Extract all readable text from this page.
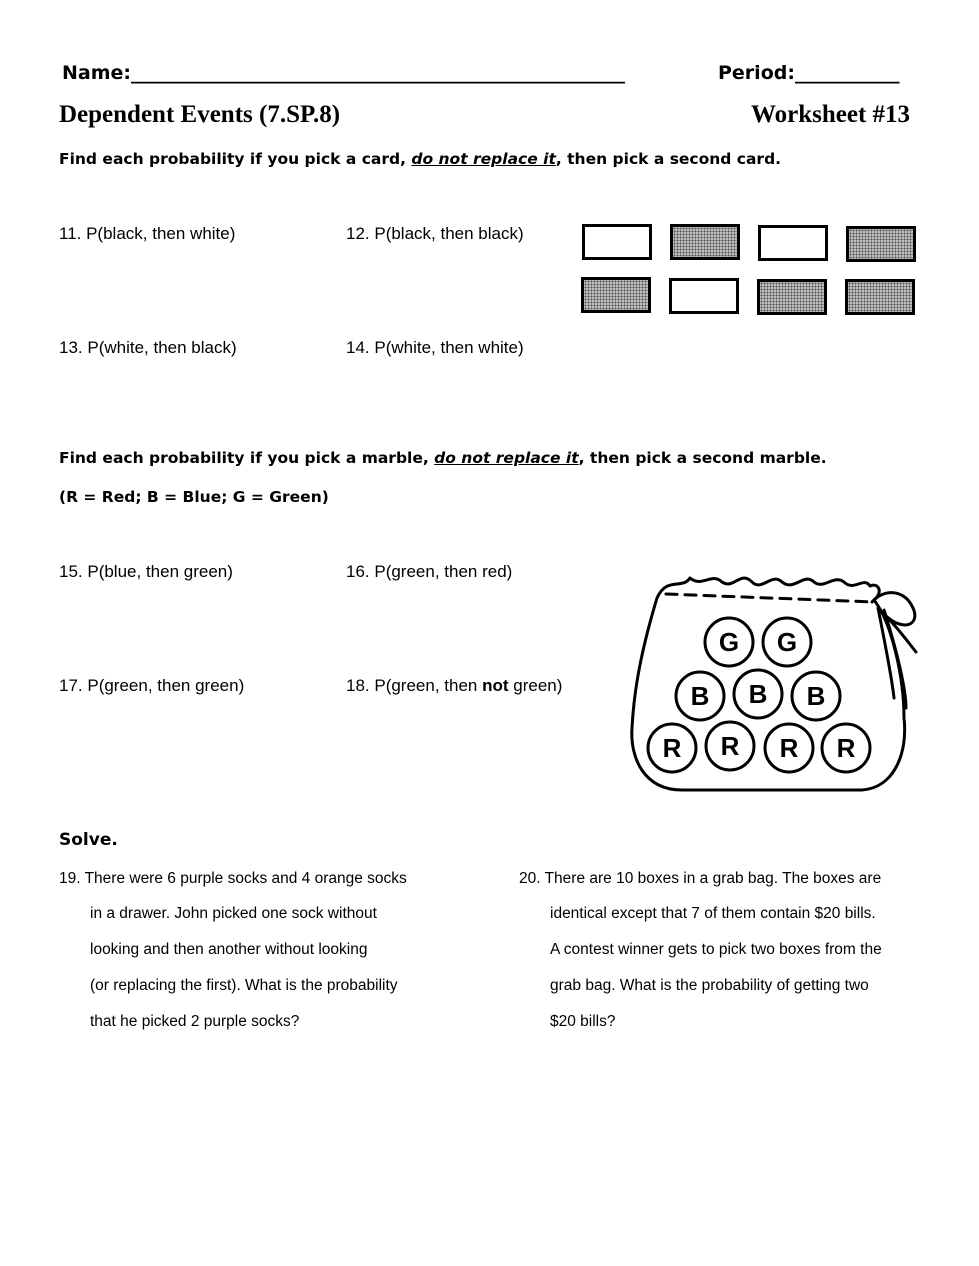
Name:____________________________________________________	Period:___________
Dependent Events (7.SP.8)	Worksheet #13
Find each probability if you pick a card, do not replace it, then pick a second card.
11. P(black, then white)	12. P(black, then black)
13. P(white, then black)	14. P(white, then white)
Find each probability if you pick a marble, do not replace it, then pick a second marble.
(R = Red; B = Blue; G = Green)
15. P(blue, then green)	16. P(green, then red)
17. P(green, then green)	18. P(green, then not green)
G G
B B B
R R R R
Solve.
19. There were 6 purple socks and 4 orange socks
in a drawer. John picked one sock without
looking and then another without looking
(or replacing the first). What is the probability
that he picked 2 purple socks?
20. There are 10 boxes in a grab bag. The boxes are
identical except that 7 of them contain $20 bills.
A contest winner gets to pick two boxes from the
grab bag. What is the probability of getting two
$20 bills?
